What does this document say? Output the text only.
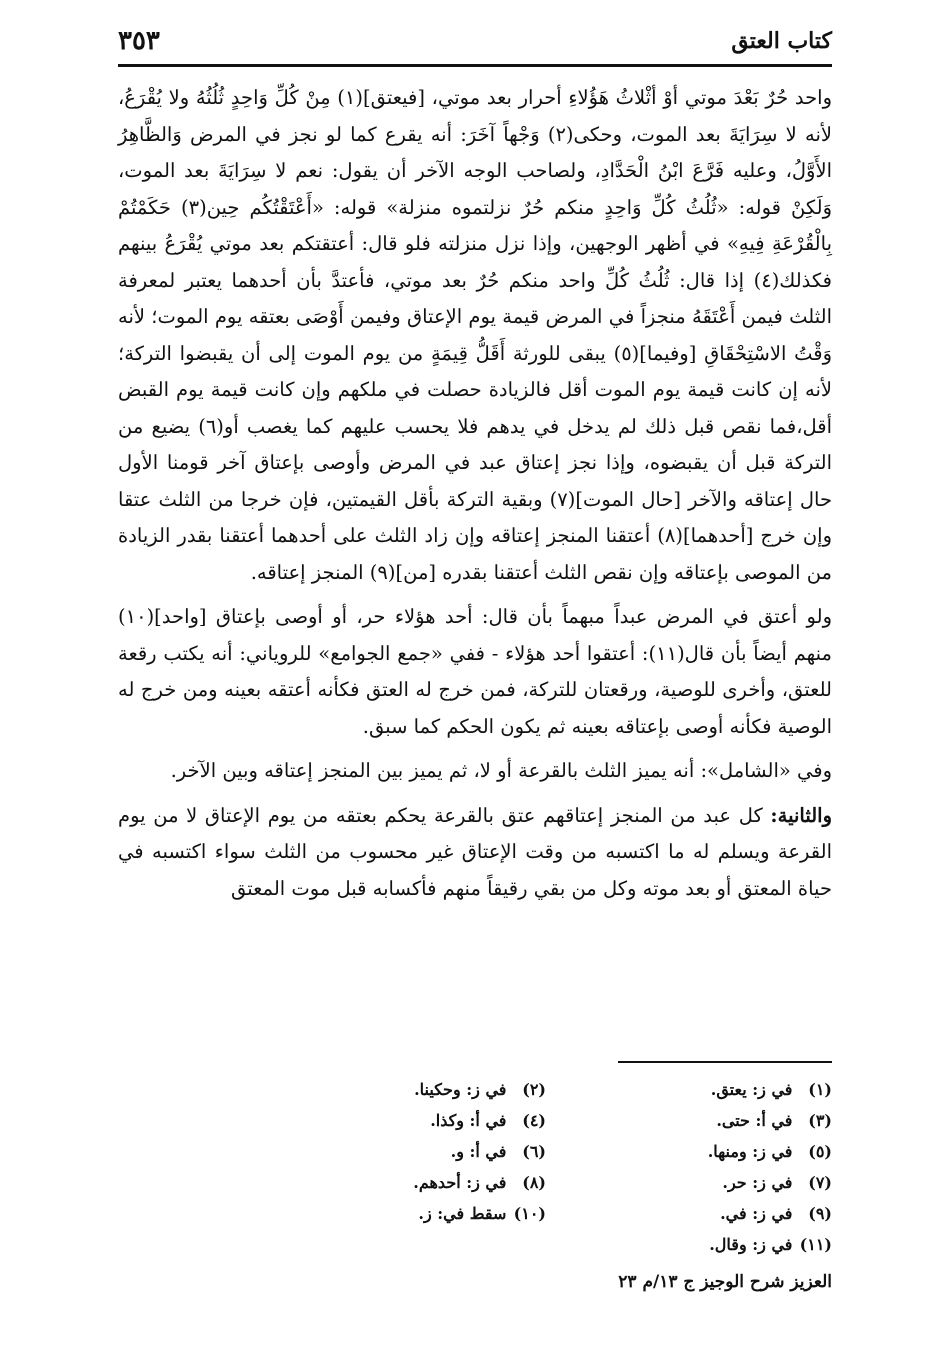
كتاب العتق
٣٥٣

واحد حُرٌ بَعْدَ موتي أوْ أثْلاثُ هَؤُلاءِ أحرار بعد موتي، [فيعتق](١) مِنْ كُلِّ وَاحِدٍ ثُلُثُهُ ولا يُقْرَعُ، لأنه لا سِرَايَةَ بعد الموت، وحكى(٢) وَجْهاً آخَرَ: أنه يقرع كما لو نجز في المرض وَالظَّاهِرُ الأَوَّلُ، وعليه فَرَّعَ ابْنُ الْحَدَّادِ، ولصاحب الوجه الآخر أن يقول: نعم لا سِرَايَةَ بعد الموت، وَلَكِنْ قوله: «ثُلُثُ كُلِّ وَاحِدٍ منكم حُرٌ نزلتموه منزلة» قوله: «أَعْتَقْتُكُم حِين(٣) حَكَمْتُمْ بِالْقُرْعَةِ فِيهِ» في أظهر الوجهين، وإذا نزل منزلته فلو قال: أعتقتكم بعد موتي يُقْرَعُ بينهم فكذلك(٤) إذا قال: ثُلُثُ كُلِّ واحد منكم حُرٌ بعد موتي، فأعتدَّ بأن أحدهما يعتبر لمعرفة الثلث فيمن أَعْتَقَهُ منجزاً في المرض قيمة يوم الإعتاق وفيمن أَوْصَى بعتقه يوم الموت؛ لأنه وَقْتُ الاسْتِحْقَاقِ [وفيما](٥) يبقى للورثة أَقَلُّ قِيمَةٍ من يوم الموت إلى أن يقبضوا التركة؛ لأنه إن كانت قيمة يوم الموت أقل فالزيادة حصلت في ملكهم وإن كانت قيمة يوم القبض أقل،فما نقص قبل ذلك لم يدخل في يدهم فلا يحسب عليهم كما يغصب أو(٦) يضيع من التركة قبل أن يقبضوه، وإذا نجز إعتاق عبد في المرض وأوصى بإعتاق آخر قومنا الأول حال إعتاقه والآخر [حال الموت](٧) وبقية التركة بأقل القيمتين، فإن خرجا من الثلث عتقا وإن خرج [أحدهما](٨) أعتقنا المنجز إعتاقه وإن زاد الثلث على أحدهما أعتقنا بقدر الزيادة من الموصى بإعتاقه وإن نقص الثلث أعتقنا بقدره [من](٩) المنجز إعتاقه.

ولو أعتق في المرض عبداً مبهماً بأن قال: أحد هؤلاء حر، أو أوصى بإعتاق [واحد](١٠) منهم أيضاً بأن قال(١١): أعتقوا أحد هؤلاء - ففي «جمع الجوامع» للروياني: أنه يكتب رقعة للعتق، وأخرى للوصية، ورقعتان للتركة، فمن خرج له العتق فكأنه أعتقه بعينه ومن خرج له الوصية فكأنه أوصى بإعتاقه بعينه ثم يكون الحكم كما سبق.

وفي «الشامل»: أنه يميز الثلث بالقرعة أو لا، ثم يميز بين المنجز إعتاقه وبين الآخر.

والثانية: كل عبد من المنجز إعتاقهم عتق بالقرعة يحكم بعتقه من يوم الإعتاق لا من يوم القرعة ويسلم له ما اكتسبه من وقت الإعتاق غير محسوب من الثلث سواء اكتسبه في حياة المعتق أو بعد موته وكل من بقي رقيقاً منهم فأكسابه قبل موت المعتق

(١) في ز: يعتق.
(٣) في أ: حتى.
(٥) في ز: ومنها.
(٧) في ز: حر.
(٩) في ز: في.
(١١) في ز: وقال.
(٢) في ز: وحكينا.
(٤) في أ: وكذا.
(٦) في أ: و.
(٨) في ز: أحدهم.
(١٠) سقط في: ز.
العزيز شرح الوجيز ج ١٣/م ٢٣
